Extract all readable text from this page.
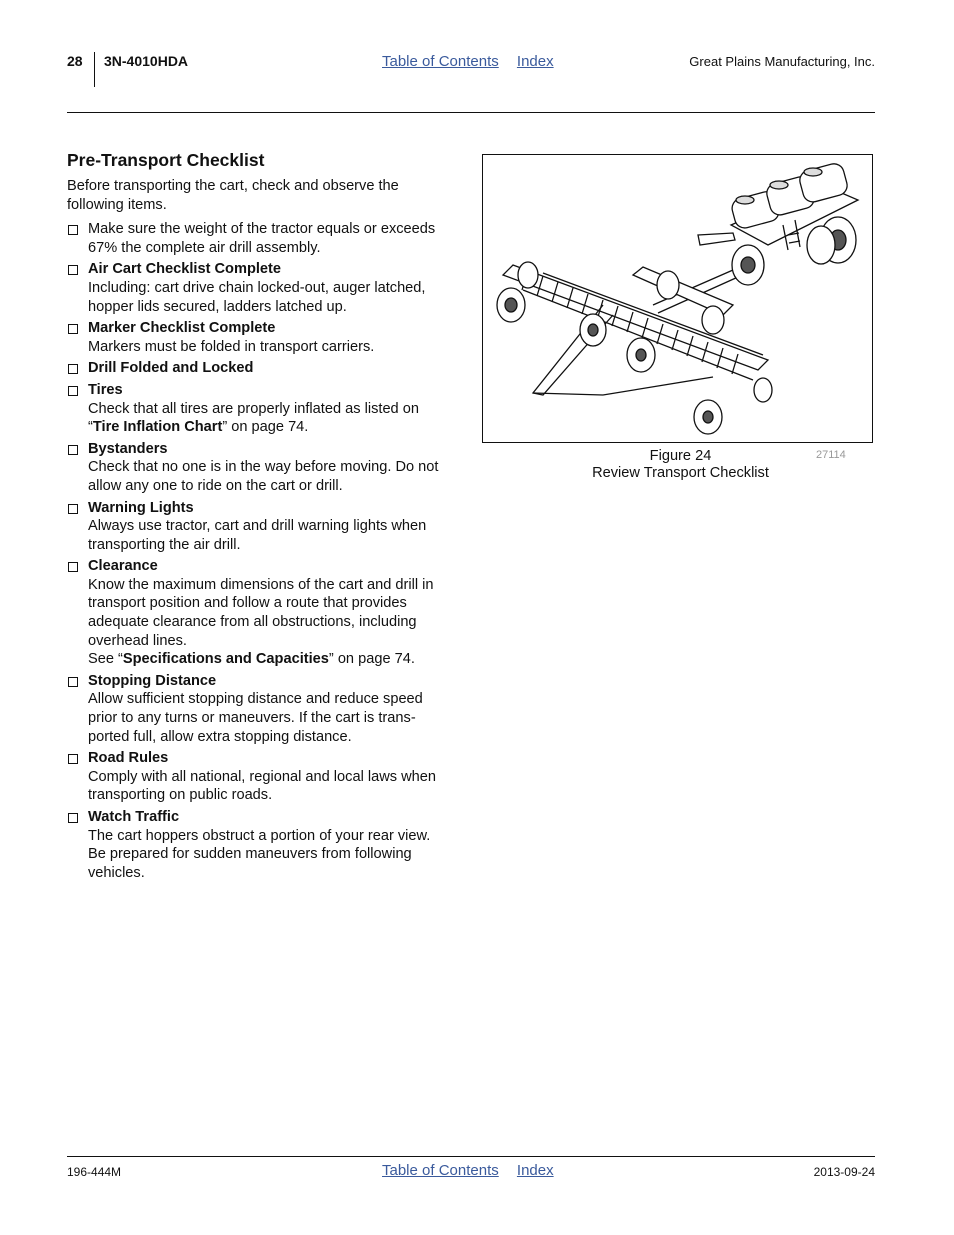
28 3N-4010HDA	Table of Contents Index	Great Plains Manufacturing, Inc.
Pre-Transport Checklist
Before transporting the cart, check and observe the following items.
Make sure the weight of the tractor equals or exceeds 67% the complete air drill assembly.
Air Cart Checklist Complete
Including: cart drive chain locked-out, auger latched, hopper lids secured, ladders latched up.
Marker Checklist Complete
Markers must be folded in transport carriers.
Drill Folded and Locked
Tires
Check that all tires are properly inflated as listed on “Tire Inflation Chart” on page 74.
Bystanders
Check that no one is in the way before moving. Do not allow any one to ride on the cart or drill.
Warning Lights
Always use tractor, cart and drill warning lights when transporting the air drill.
Clearance
Know the maximum dimensions of the cart and drill in transport position and follow a route that provides adequate clearance from all obstructions, including overhead lines.
See “Specifications and Capacities” on page 74.
Stopping Distance
Allow sufficient stopping distance and reduce speed prior to any turns or maneuvers. If the cart is trans-ported full, allow extra stopping distance.
Road Rules
Comply with all national, regional and local laws when transporting on public roads.
Watch Traffic
The cart hoppers obstruct a portion of your rear view. Be prepared for sudden maneuvers from following vehicles.
Figure 24
Review Transport Checklist
27114
196-444M	Table of Contents Index	2013-09-24
